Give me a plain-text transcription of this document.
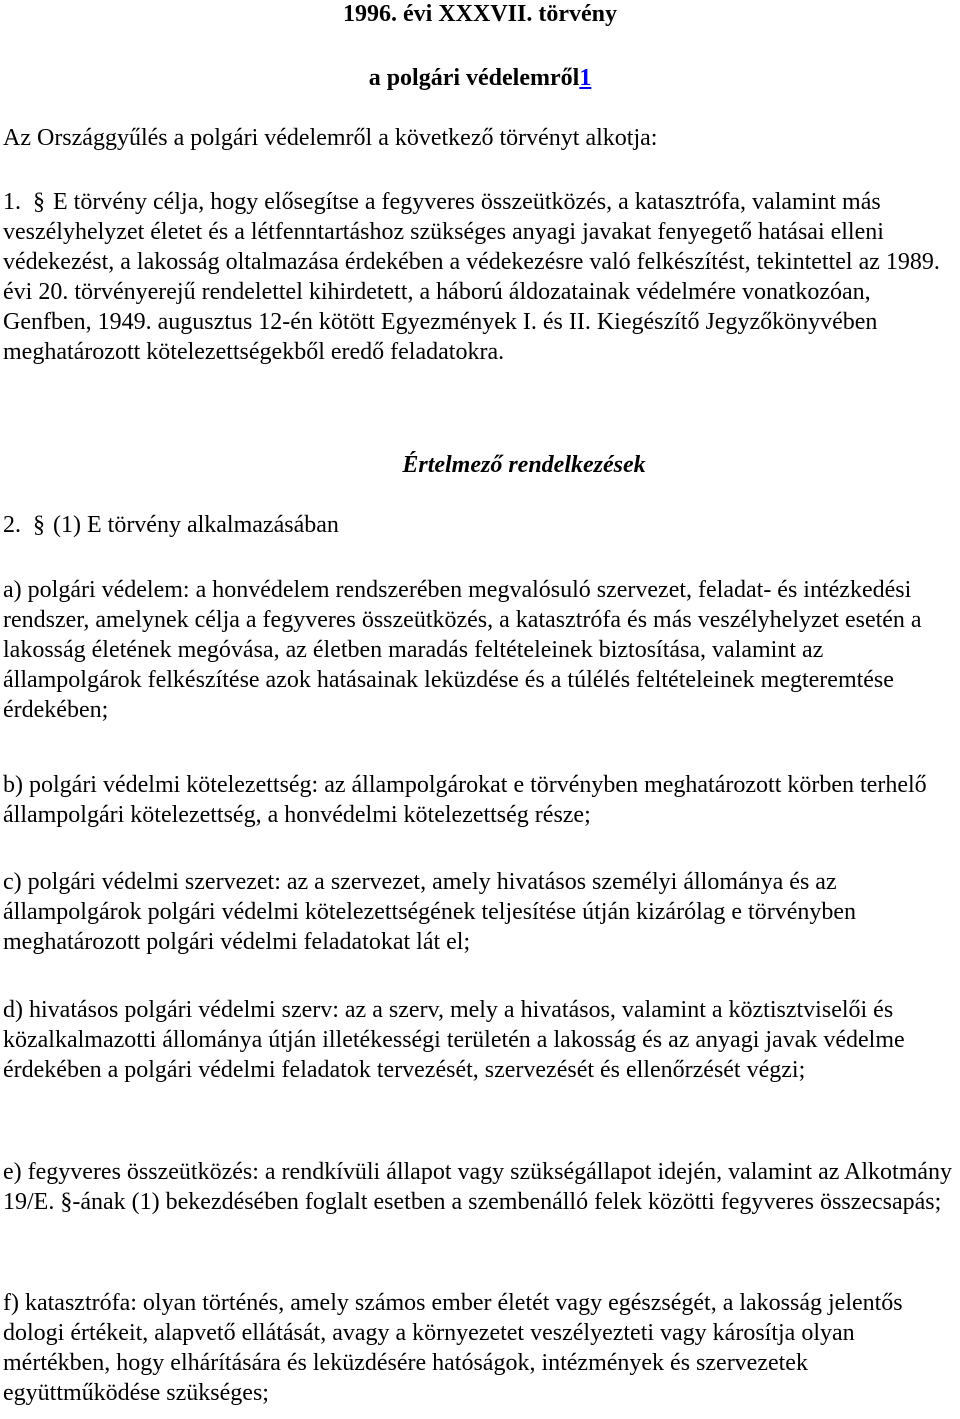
1996. évi XXXVII. törvény
a polgári védelemről1

Az Országgyűlés a polgári védelemről a következő törvényt alkotja:

1. § E törvény célja, hogy elősegítse a fegyveres összeütközés, a katasztrófa, valamint más veszélyhelyzet életet és a létfenntartáshoz szükséges anyagi javakat fenyegető hatásai elleni védekezést, a lakosság oltalmazása érdekében a védekezésre való felkészítést, tekintettel az 1989. évi 20. törvényerejű rendelettel kihirdetett, a háború áldozatainak védelmére vonatkozóan, Genfben, 1949. augusztus 12-én kötött Egyezmények I. és II. Kiegészítő Jegyzőkönyvében meghatározott kötelezettségekből eredő feladatokra.

Értelmező rendelkezések

2. § (1) E törvény alkalmazásában

a) polgári védelem: a honvédelem rendszerében megvalósuló szervezet, feladat- és intézkedési rendszer, amelynek célja a fegyveres összeütközés, a katasztrófa és más veszélyhelyzet esetén a lakosság életének megóvása, az életben maradás feltételeinek biztosítása, valamint az állampolgárok felkészítése azok hatásainak leküzdése és a túlélés feltételeinek megteremtése érdekében;

b) polgári védelmi kötelezettség: az állampolgárokat e törvényben meghatározott körben terhelő állampolgári kötelezettség, a honvédelmi kötelezettség része;

c) polgári védelmi szervezet: az a szervezet, amely hivatásos személyi állománya és az állampolgárok polgári védelmi kötelezettségének teljesítése útján kizárólag e törvényben meghatározott polgári védelmi feladatokat lát el;

d) hivatásos polgári védelmi szerv: az a szerv, mely a hivatásos, valamint a köztisztviselői és közalkalmazotti állománya útján illetékességi területén a lakosság és az anyagi javak védelme érdekében a polgári védelmi feladatok tervezését, szervezését és ellenőrzését végzi;

e) fegyveres összeütközés: a rendkívüli állapot vagy szükségállapot idején, valamint az Alkotmány 19/E. §-ának (1) bekezdésében foglalt esetben a szembenálló felek közötti fegyveres összecsapás;

f) katasztrófa: olyan történés, amely számos ember életét vagy egészségét, a lakosság jelentős dologi értékeit, alapvető ellátását, avagy a környezetet veszélyezteti vagy károsítja olyan mértékben, hogy elhárítására és leküzdésére hatóságok, intézmények és szervezetek együttműködése szükséges;
